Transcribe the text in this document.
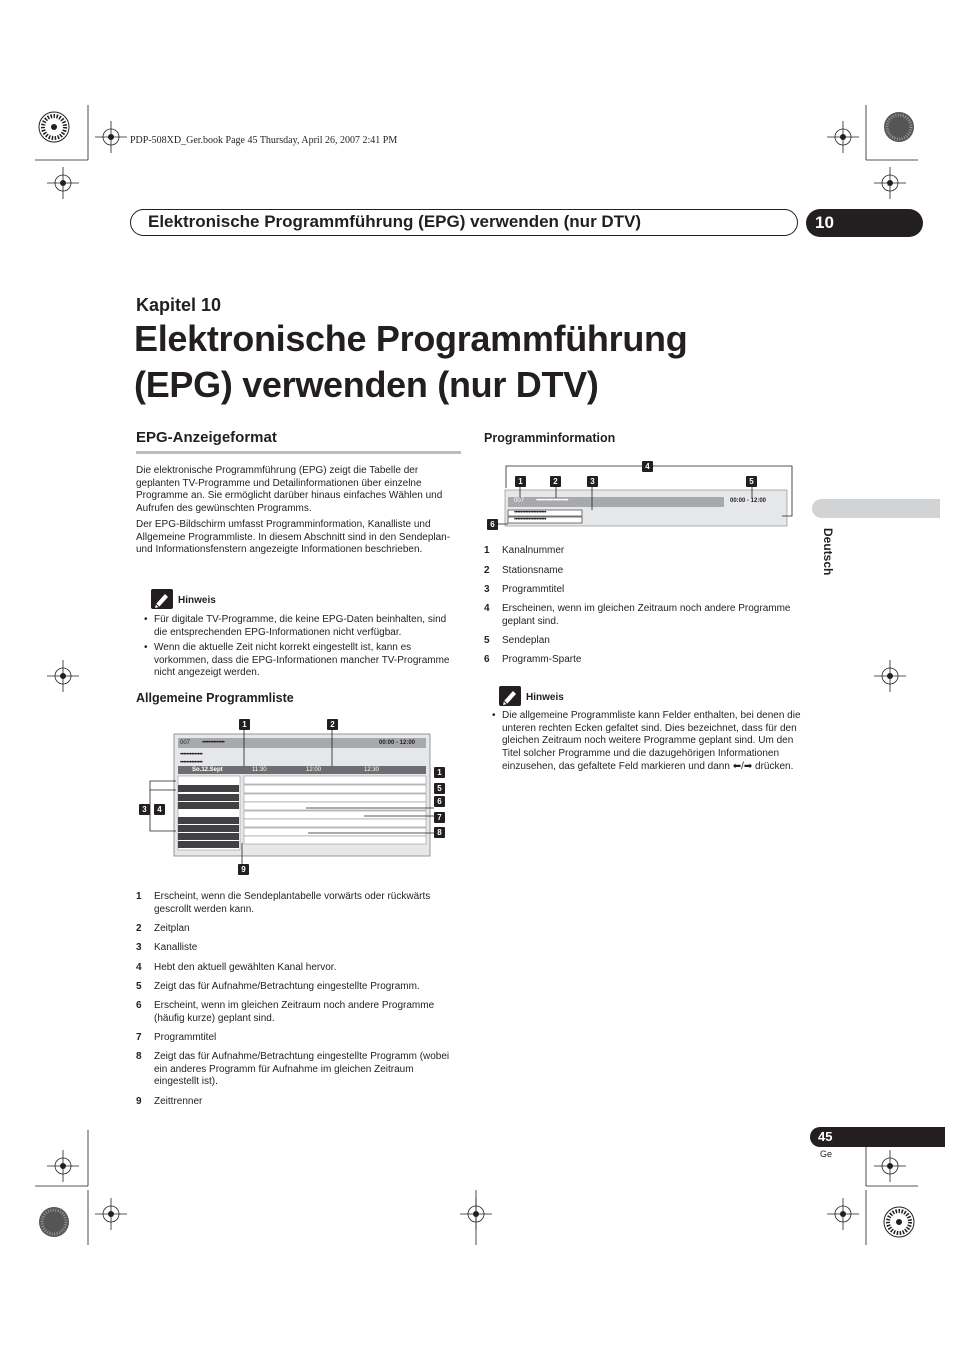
PDP-508XD_Ger.book Page 45 Thursday, April 26, 2007 2:41 PM
Elektronische Programmführung (EPG) verwenden (nur DTV)	10
Kapitel 10
Elektronische Programmführung
(EPG) verwenden (nur DTV)
EPG-Anzeigeformat
Die elektronische Programmführung (EPG) zeigt die Tabelle der geplanten TV-Programme und Detailinformationen über einzelne Programme an. Sie ermöglicht darüber hinaus einfaches Wählen und Aufrufen des gewünschten Programms.
Der EPG-Bildschirm umfasst Programminformation, Kanalliste und Allgemeine Programmliste. In diesem Abschnitt sind in den Sendeplan- und Informationsfenstern angezeigte Informationen beschrieben.
Hinweis
• Für digitale TV-Programme, die keine EPG-Daten beinhalten, sind die entsprechenden EPG-Informationen nicht verfügbar.
• Wenn die aktuelle Zeit nicht korrekt eingestellt ist, kann es vorkommen, dass die EPG-Informationen mancher TV-Programme nicht angezeigt werden.
Allgemeine Programmliste
007 ••••••••••••••	00:00 - 12:00
••••••••••••••
••••••••••••••
So.12.Sept	11:30	12:00	12:30
1	2
1
3	4
5
6
7
8
9
1 Erscheint, wenn die Sendeplantabelle vorwärts oder rückwärts gescrollt werden kann.
2 Zeitplan
3 Kanalliste
4 Hebt den aktuell gewählten Kanal hervor.
5 Zeigt das für Aufnahme/Betrachtung eingestellte Programm.
6 Erscheint, wenn im gleichen Zeitraum noch andere Programme (häufig kurze) geplant sind.
7 Programmtitel
8 Zeigt das für Aufnahme/Betrachtung eingestellte Programm (wobei ein anderes Programm für Aufnahme im gleichen Zeitraum eingestellt ist).
9 Zeittrenner
Programminformation
007 ••••••••••••••••••••	00:00 - 12:00
••••••••••••••••••••
••••••••••••••••••••
4
1	2	3	5
6
1 Kanalnummer
2 Stationsname
3 Programmtitel
4 Erscheinen, wenn im gleichen Zeitraum noch andere Programme geplant sind.
5 Sendeplan
6 Programm-Sparte
Hinweis
• Die allgemeine Programmliste kann Felder enthalten, bei denen die unteren rechten Ecken gefaltet sind. Dies bezeichnet, dass für den gleichen Zeitraum noch weitere Programme geplant sind. Um den Titel solcher Programme und die dazugehörigen Informationen einzusehen, das gefaltete Feld markieren und dann ⬅/➡ drücken.
Deutsch
45
Ge
